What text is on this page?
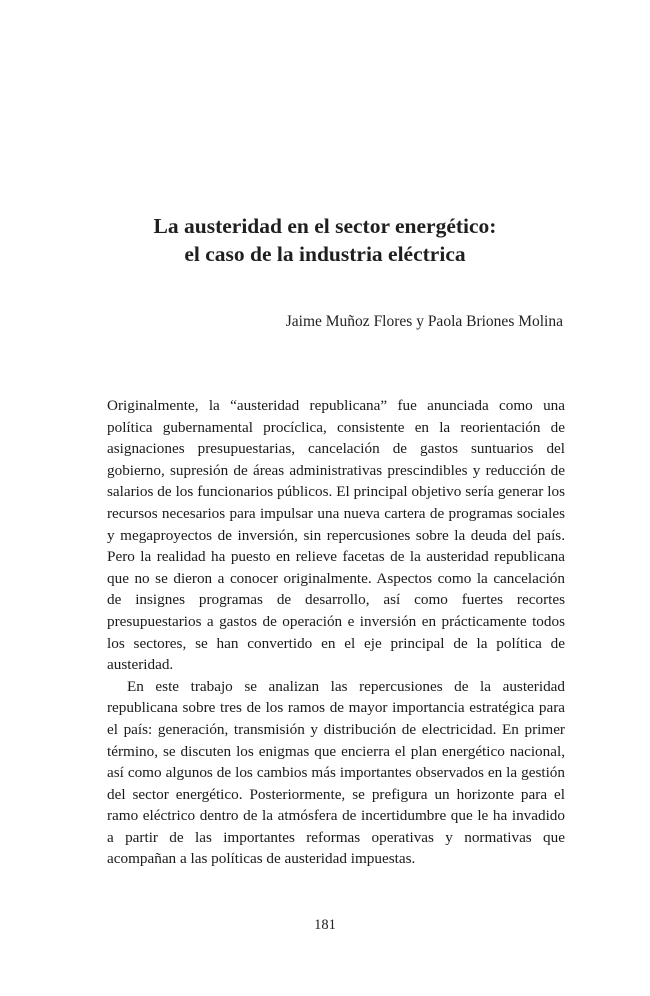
La austeridad en el sector energético:
el caso de la industria eléctrica
Jaime Muñoz Flores y Paola Briones Molina

Originalmente, la “austeridad republicana” fue anunciada como una política gubernamental procíclica, consistente en la reorientación de asignaciones presupuestarias, cancelación de gastos suntuarios del gobierno, supresión de áreas administrativas prescindibles y reducción de salarios de los funcionarios públicos. El principal objetivo sería generar los recursos necesarios para impulsar una nueva cartera de programas sociales y megaproyectos de inversión, sin repercusiones sobre la deuda del país. Pero la realidad ha puesto en relieve facetas de la austeridad republicana que no se dieron a conocer originalmente. Aspectos como la cancelación de insignes programas de desarrollo, así como fuertes recortes presupuestarios a gastos de operación e inversión en prácticamente todos los sectores, se han convertido en el eje principal de la política de austeridad.

En este trabajo se analizan las repercusiones de la austeridad republicana sobre tres de los ramos de mayor importancia estratégica para el país: generación, transmisión y distribución de electricidad. En primer término, se discuten los enigmas que encierra el plan energético nacional, así como algunos de los cambios más importantes observados en la gestión del sector energético. Posteriormente, se prefigura un horizonte para el ramo eléctrico dentro de la atmósfera de incertidumbre que le ha invadido a partir de las importantes reformas operativas y normativas que acompañan a las políticas de austeridad impuestas.

181
